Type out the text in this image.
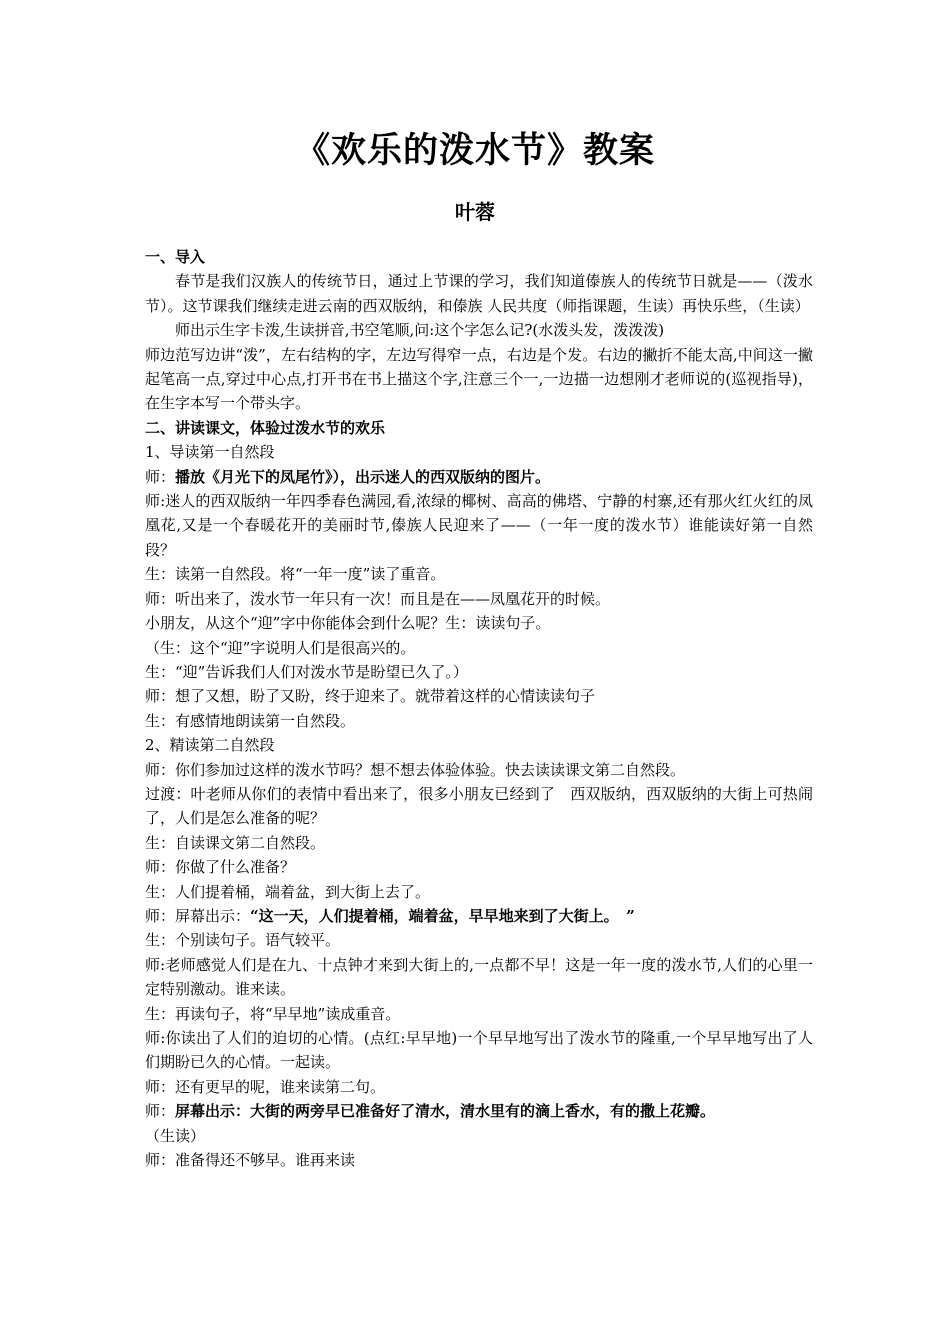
《欢乐的泼水节》教案
叶蓉

一、导入

春节是我们汉族人的传统节日，通过上节课的学习，我们知道傣族人的传统节日就是——（泼水节）。这节课我们继续走进云南的西双版纳，和傣族 人民共度（师指课题，生读）再快乐些，（生读）

师出示生字卡泼,生读拼音,书空笔顺,问:这个字怎么记?(水泼头发，泼泼泼)

师边范写边讲“泼”，左右结构的字，左边写得窄一点，右边是个发。右边的撇折不能太高,中间这一撇起笔高一点,穿过中心点,打开书在书上描这个字,注意三个一,一边描一边想刚才老师说的(巡视指导)，在生字本写一个带头字。

二、讲读课文，体验过泼水节的欢乐

1、导读第一自然段

师：播放《月光下的凤尾竹》），出示迷人的西双版纳的图片。

师:迷人的西双版纳一年四季春色满园,看,浓绿的椰树、高高的佛塔、宁静的村寨,还有那火红火红的凤凰花,又是一个春暖花开的美丽时节,傣族人民迎来了——（一年一度的泼水节）谁能读好第一自然段？

生：读第一自然段。将“一年一度”读了重音。

师：听出来了，泼水节一年只有一次！而且是在——凤凰花开的时候。

小朋友，从这个“迎”字中你能体会到什么呢？生：读读句子。

（生：这个“迎”字说明人们是很高兴的。

生：“迎”告诉我们人们对泼水节是盼望已久了。）

师：想了又想，盼了又盼，终于迎来了。就带着这样的心情读读句子

生：有感情地朗读第一自然段。

2、精读第二自然段

师：你们参加过这样的泼水节吗？想不想去体验体验。快去读读课文第二自然段。

过渡：叶老师从你们的表情中看出来了，很多小朋友已经到了　西双版纳，西双版纳的大街上可热闹了，人们是怎么准备的呢？

生：自读课文第二自然段。

师：你做了什么准备？

生：人们提着桶，端着盆，到大街上去了。

师：屏幕出示：“这一天，人们提着桶，端着盆，早早地来到了大街上。　”

生：个别读句子。语气较平。

师:老师感觉人们是在九、十点钟才来到大街上的,一点都不早！这是一年一度的泼水节,人们的心里一定特别激动。谁来读。

生：再读句子，将“早早地”读成重音。

师:你读出了人们的迫切的心情。(点红:早早地)一个早早地写出了泼水节的隆重,一个早早地写出了人们期盼已久的心情。一起读。

师：还有更早的呢，谁来读第二句。

师：屏幕出示：大街的两旁早已准备好了清水，清水里有的滴上香水，有的撒上花瓣。

（生读）

师：准备得还不够早。谁再来读
